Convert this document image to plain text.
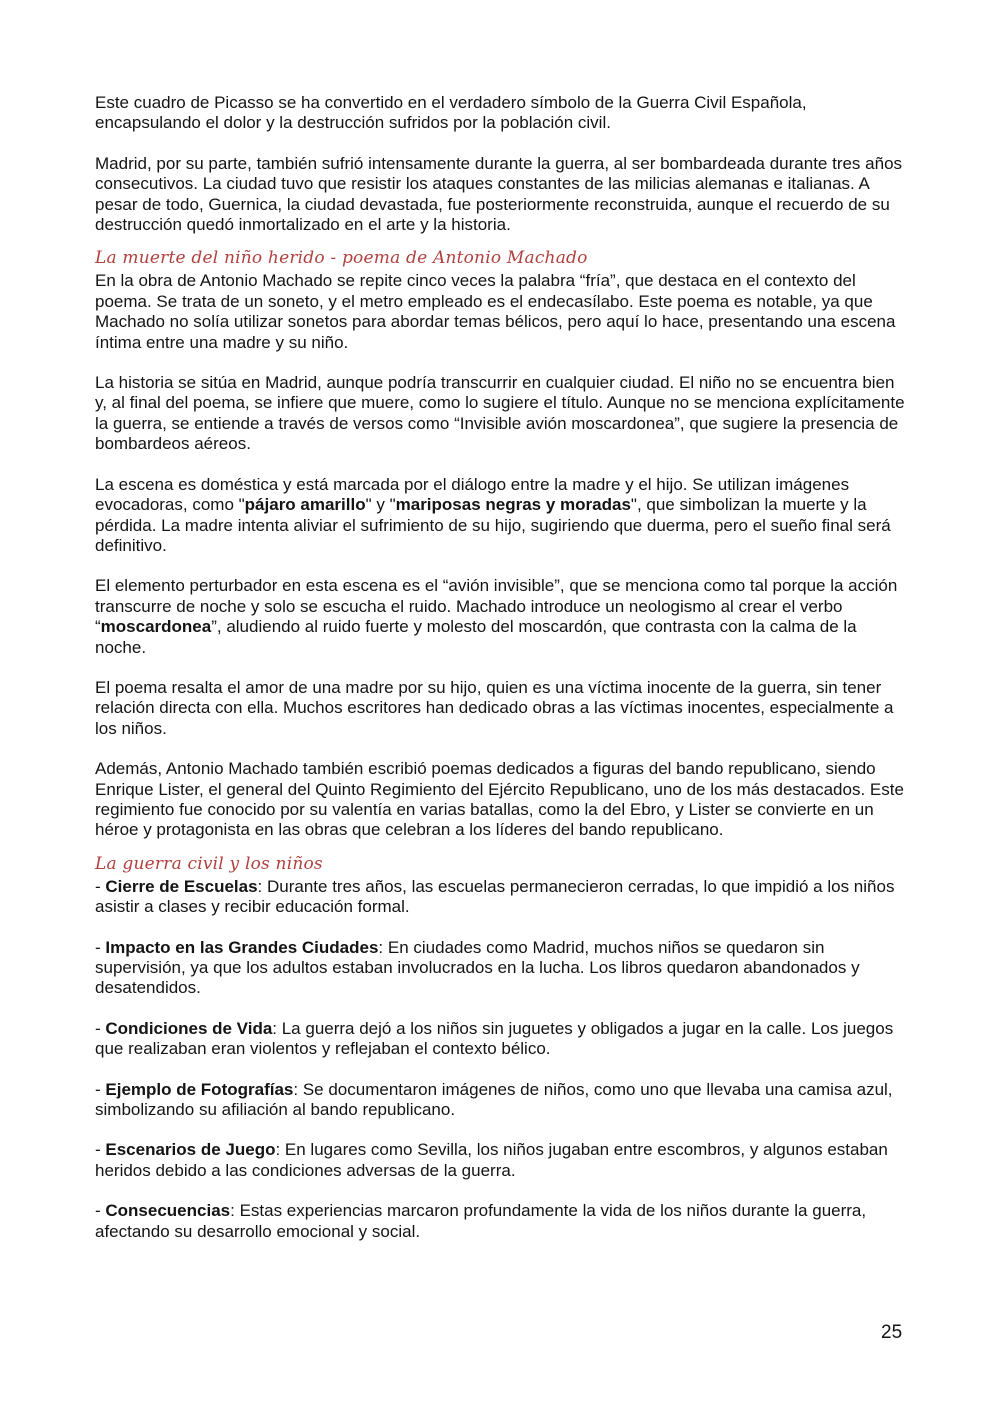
Este cuadro de Picasso se ha convertido en el verdadero símbolo de la Guerra Civil Española, encapsulando el dolor y la destrucción sufridos por la población civil.

Madrid, por su parte, también sufrió intensamente durante la guerra, al ser bombardeada durante tres años consecutivos. La ciudad tuvo que resistir los ataques constantes de las milicias alemanas e italianas. A pesar de todo, Guernica, la ciudad devastada, fue posteriormente reconstruida, aunque el recuerdo de su destrucción quedó inmortalizado en el arte y la historia.

La muerte del niño herido - poema de Antonio Machado

En la obra de Antonio Machado se repite cinco veces la palabra “fría”, que destaca en el contexto del poema. Se trata de un soneto, y el metro empleado es el endecasílabo. Este poema es notable, ya que Machado no solía utilizar sonetos para abordar temas bélicos, pero aquí lo hace, presentando una escena íntima entre una madre y su niño.

La historia se sitúa en Madrid, aunque podría transcurrir en cualquier ciudad. El niño no se encuentra bien y, al final del poema, se infiere que muere, como lo sugiere el título. Aunque no se menciona explícitamente la guerra, se entiende a través de versos como “Invisible avión moscardonea”, que sugiere la presencia de bombardeos aéreos.

La escena es doméstica y está marcada por el diálogo entre la madre y el hijo. Se utilizan imágenes evocadoras, como "pájaro amarillo" y "mariposas negras y moradas", que simbolizan la muerte y la pérdida. La madre intenta aliviar el sufrimiento de su hijo, sugiriendo que duerma, pero el sueño final será definitivo.

El elemento perturbador en esta escena es el “avión invisible”, que se menciona como tal porque la acción transcurre de noche y solo se escucha el ruido. Machado introduce un neologismo al crear el verbo “moscardonea”, aludiendo al ruido fuerte y molesto del moscardón, que contrasta con la calma de la noche.

El poema resalta el amor de una madre por su hijo, quien es una víctima inocente de la guerra, sin tener relación directa con ella. Muchos escritores han dedicado obras a las víctimas inocentes, especialmente a los niños.

Además, Antonio Machado también escribió poemas dedicados a figuras del bando republicano, siendo Enrique Lister, el general del Quinto Regimiento del Ejército Republicano, uno de los más destacados. Este regimiento fue conocido por su valentía en varias batallas, como la del Ebro, y Lister se convierte en un héroe y protagonista en las obras que celebran a los líderes del bando republicano.

La guerra civil y los niños

- Cierre de Escuelas: Durante tres años, las escuelas permanecieron cerradas, lo que impidió a los niños asistir a clases y recibir educación formal.

- Impacto en las Grandes Ciudades: En ciudades como Madrid, muchos niños se quedaron sin supervisión, ya que los adultos estaban involucrados en la lucha. Los libros quedaron abandonados y desatendidos.

- Condiciones de Vida: La guerra dejó a los niños sin juguetes y obligados a jugar en la calle. Los juegos que realizaban eran violentos y reflejaban el contexto bélico.

- Ejemplo de Fotografías: Se documentaron imágenes de niños, como uno que llevaba una camisa azul, simbolizando su afiliación al bando republicano.

- Escenarios de Juego: En lugares como Sevilla, los niños jugaban entre escombros, y algunos estaban heridos debido a las condiciones adversas de la guerra.

- Consecuencias: Estas experiencias marcaron profundamente la vida de los niños durante la guerra, afectando su desarrollo emocional y social.

25
